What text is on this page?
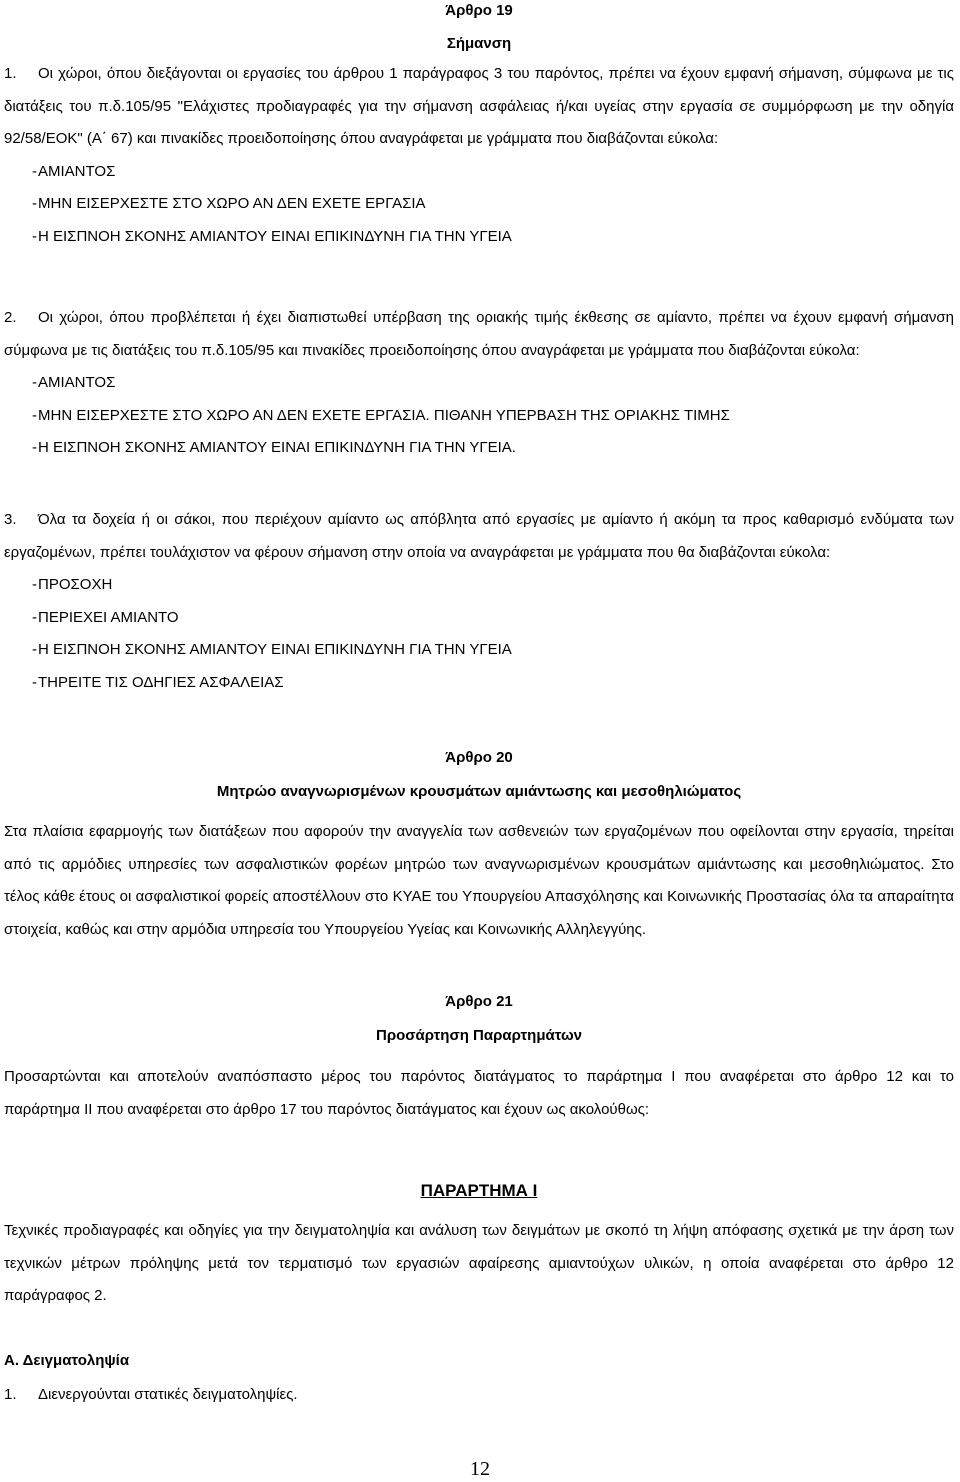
Άρθρο 19
Σήμανση

1. Οι χώροι, όπου διεξάγονται οι εργασίες του άρθρου 1 παράγραφος 3 του παρόντος, πρέπει να έχουν εμφανή σήμανση, σύμφωνα με τις διατάξεις του π.δ.105/95 "Ελάχιστες προδιαγραφές για την σήμανση ασφάλειας ή/και υγείας στην εργασία σε συμμόρφωση με την οδηγία 92/58/ΕΟΚ" (Α΄ 67) και πινακίδες προειδοποίησης όπου αναγράφεται με γράμματα που διαβάζονται εύκολα:

-ΑΜΙΑΝΤΟΣ
-ΜΗΝ ΕΙΣΕΡΧΕΣΤΕ ΣΤΟ ΧΩΡΟ ΑΝ ΔΕΝ ΕΧΕΤΕ ΕΡΓΑΣΙΑ
-Η ΕΙΣΠΝΟΗ ΣΚΟΝΗΣ ΑΜΙΑΝΤΟΥ ΕΙΝΑΙ ΕΠΙΚΙΝΔΥΝΗ ΓΙΑ ΤΗΝ ΥΓΕΙΑ

2. Οι χώροι, όπου προβλέπεται ή έχει διαπιστωθεί υπέρβαση της οριακής τιμής έκθεσης σε αμίαντο, πρέπει να έχουν εμφανή σήμανση σύμφωνα με τις διατάξεις του π.δ.105/95 και πινακίδες προειδοποίησης όπου αναγράφεται με γράμματα που διαβάζονται εύκολα:

-ΑΜΙΑΝΤΟΣ
-ΜΗΝ ΕΙΣΕΡΧΕΣΤΕ ΣΤΟ ΧΩΡΟ ΑΝ ΔΕΝ ΕΧΕΤΕ ΕΡΓΑΣΙΑ. ΠΙΘΑΝΗ ΥΠΕΡΒΑΣΗ ΤΗΣ ΟΡΙΑΚΗΣ ΤΙΜΗΣ
-Η ΕΙΣΠΝΟΗ ΣΚΟΝΗΣ ΑΜΙΑΝΤΟΥ ΕΙΝΑΙ ΕΠΙΚΙΝΔΥΝΗ ΓΙΑ ΤΗΝ ΥΓΕΙΑ.

3. Όλα τα δοχεία ή οι σάκοι, που περιέχουν αμίαντο ως απόβλητα από εργασίες με αμίαντο ή ακόμη τα προς καθαρισμό ενδύματα των εργαζομένων, πρέπει τουλάχιστον να φέρουν σήμανση στην οποία να αναγράφεται με γράμματα που θα διαβάζονται εύκολα:

-ΠΡΟΣΟΧΗ
-ΠΕΡΙΕΧΕΙ ΑΜΙΑΝΤΟ
-Η ΕΙΣΠΝΟΗ ΣΚΟΝΗΣ ΑΜΙΑΝΤΟΥ ΕΙΝΑΙ ΕΠΙΚΙΝΔΥΝΗ ΓΙΑ ΤΗΝ ΥΓΕΙΑ
-ΤΗΡΕΙΤΕ ΤΙΣ ΟΔΗΓΙΕΣ ΑΣΦΑΛΕΙΑΣ
Άρθρο 20
Μητρώο αναγνωρισμένων κρουσμάτων αμιάντωσης και μεσοθηλιώματος

Στα πλαίσια εφαρμογής των διατάξεων που αφορούν την αναγγελία των ασθενειών των εργαζομένων που οφείλονται στην εργασία, τηρείται από τις αρμόδιες υπηρεσίες των ασφαλιστικών φορέων μητρώο των αναγνωρισμένων κρουσμάτων αμιάντωσης και μεσοθηλιώματος. Στο τέλος κάθε έτους οι ασφαλιστικοί φορείς αποστέλλουν στο ΚΥΑΕ του Υπουργείου Απασχόλησης και Κοινωνικής Προστασίας όλα τα απαραίτητα στοιχεία, καθώς και στην αρμόδια υπηρεσία του Υπουργείου Υγείας και Κοινωνικής Αλληλεγγύης.

Άρθρο 21
Προσάρτηση Παραρτημάτων

Προσαρτώνται και αποτελούν αναπόσπαστο μέρος του παρόντος διατάγματος το παράρτημα Ι που αναφέρεται στο άρθρο 12 και το παράρτημα ΙΙ που αναφέρεται στο άρθρο 17 του παρόντος διατάγματος και έχουν ως ακολούθως:

ΠΑΡΑΡΤΗΜΑ Ι

Τεχνικές προδιαγραφές και οδηγίες για την δειγματοληψία και ανάλυση των δειγμάτων με σκοπό τη λήψη απόφασης σχετικά με την άρση των τεχνικών μέτρων πρόληψης μετά τον τερματισμό των εργασιών αφαίρεσης αμιαντούχων υλικών, η οποία αναφέρεται στο άρθρο 12 παράγραφος 2.

Α. Δειγματοληψία
1. Διενεργούνται στατικές δειγματοληψίες.
12
